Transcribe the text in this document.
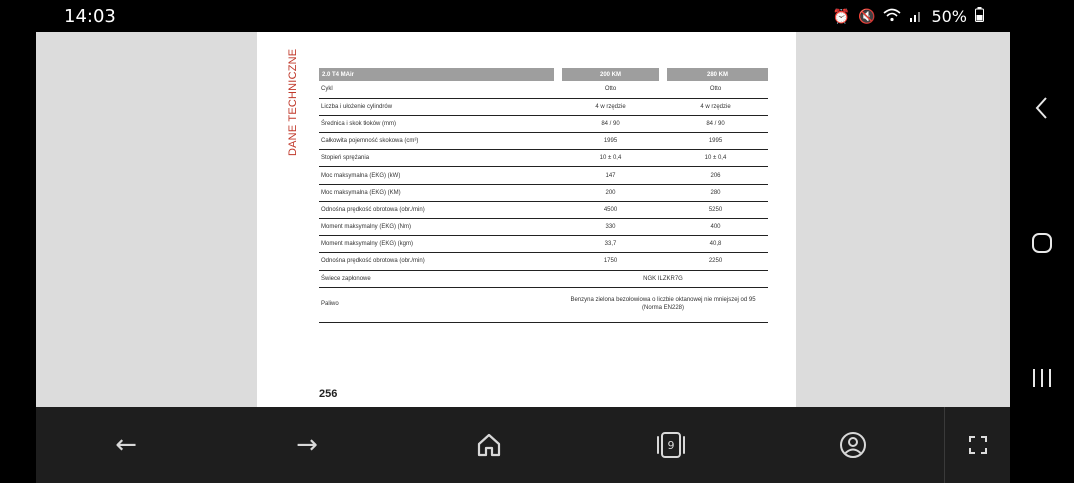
14:03	⏰ 🔇	50%
DANE TECHNICZNE	2.0 T4 MAir	200 KM	280 KM
Cykl	Otto	Otto
Liczba i ułożenie cylindrów	4 w rzędzie	4 w rzędzie
Średnica i skok tłoków (mm)	84 / 90	84 / 90
Całkowita pojemność skokowa (cm³)	1995	1995
Stopień sprężania	10 ± 0,4	10 ± 0,4
Moc maksymalna (EKG) (kW)	147	206
Moc maksymalna (EKG) (KM)	200	280
Odnośna prędkość obrotowa (obr./min)	4500	5250
Moment maksymalny (EKG) (Nm)	330	400
Moment maksymalny (EKG) (kgm)	33,7	40,8
Odnośna prędkość obrotowa (obr./min)	1750	2250
Świece zapłonowe	NGK ILZKR7G	
Paliwo	Benzyna zielona bezołowiowa o liczbie oktanowej nie mniejszej od 95
(Norma EN228)	
256
←	→	9
